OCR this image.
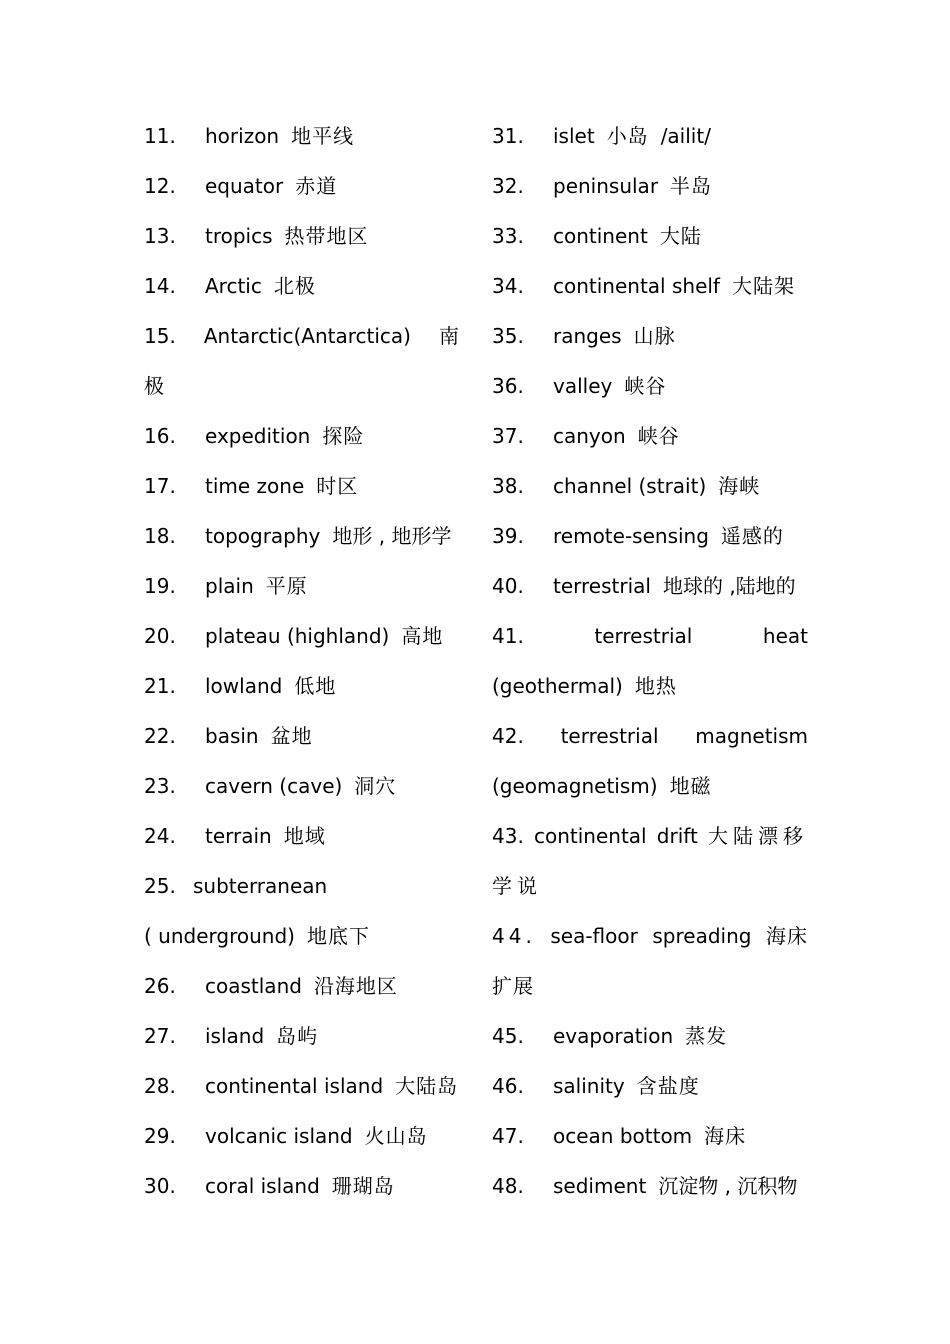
11. horizon 地平线
12. equator 赤道
13. tropics 热带地区
14. Arctic 北极
15. Antarctic(Antarctica) 南
极
16. expedition 探险
17. time zone 时区
18. topography 地形 , 地形学
19. plain 平原
20. plateau (highland) 高地
21. lowland 低地
22. basin 盆地
23. cavern (cave) 洞穴
24. terrain 地域
25. subterranean
( underground) 地底下
26. coastland 沿海地区
27. island 岛屿
28. continental island 大陆岛
29. volcanic island 火山岛
30. coral island 珊瑚岛
31. islet 小岛 /ailit/
32. peninsular 半岛
33. continent 大陆
34. continental shelf 大陆架
35. ranges 山脉
36. valley 峡谷
37. canyon 峡谷
38. channel (strait) 海峡
39. remote-sensing 遥感的
40. terrestrial 地球的 ,陆地的
41.	terrestrial	heat
(geothermal) 地热
42. terrestrial magnetism
(geomagnetism) 地磁
43. continental drift 大陆漂移
学说
44. sea-floor spreading 海床
扩展
45. evaporation 蒸发
46. salinity 含盐度
47. ocean bottom 海床
48. sediment 沉淀物 , 沉积物
